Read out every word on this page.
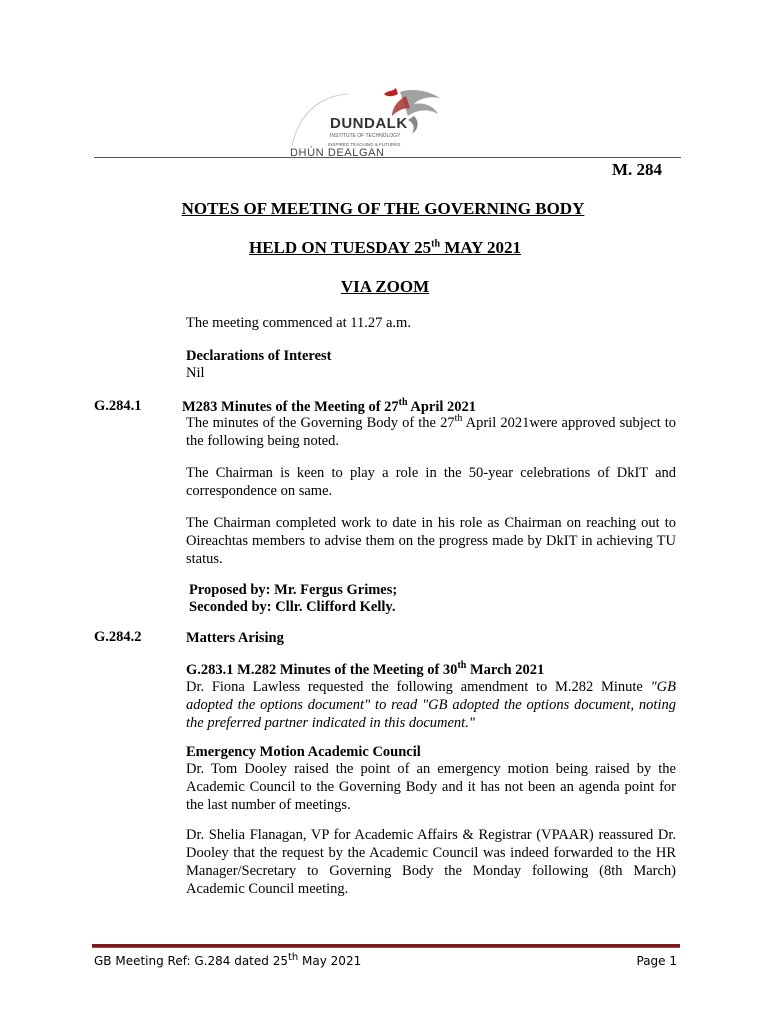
DUNDALK
INSTITUTE OF TECHNOLOGY
INSPIRED TEACHING & FUTURES
DHÚN DEALGAN
M. 284
NOTES OF MEETING OF THE GOVERNING BODY
HELD ON TUESDAY 25th MAY 2021
VIA ZOOM
The meeting commenced at 11.27 a.m.
Declarations of Interest
Nil
G.284.1	M283 Minutes of the Meeting of 27th April 2021
The minutes of the Governing Body of the 27th April 2021were approved subject to the following being noted.
The Chairman is keen to play a role in the 50-year celebrations of DkIT and correspondence on same.
The Chairman completed work to date in his role as Chairman on reaching out to Oireachtas members to advise them on the progress made by DkIT in achieving TU status.
Proposed by: Mr. Fergus Grimes;
Seconded by: Cllr. Clifford Kelly.
G.284.2	Matters Arising
G.283.1 M.282 Minutes of the Meeting of 30th March 2021
Dr. Fiona Lawless requested the following amendment to M.282 Minute "GB adopted the options document" to read "GB adopted the options document, noting the preferred partner indicated in this document."
Emergency Motion Academic Council
Dr. Tom Dooley raised the point of an emergency motion being raised by the Academic Council to the Governing Body and it has not been an agenda point for the last number of meetings.
Dr. Shelia Flanagan, VP for Academic Affairs & Registrar (VPAAR) reassured Dr. Dooley that the request by the Academic Council was indeed forwarded to the HR Manager/Secretary to Governing Body the Monday following (8th March) Academic Council meeting.
GB Meeting Ref: G.284 dated 25th May 2021	Page 1
